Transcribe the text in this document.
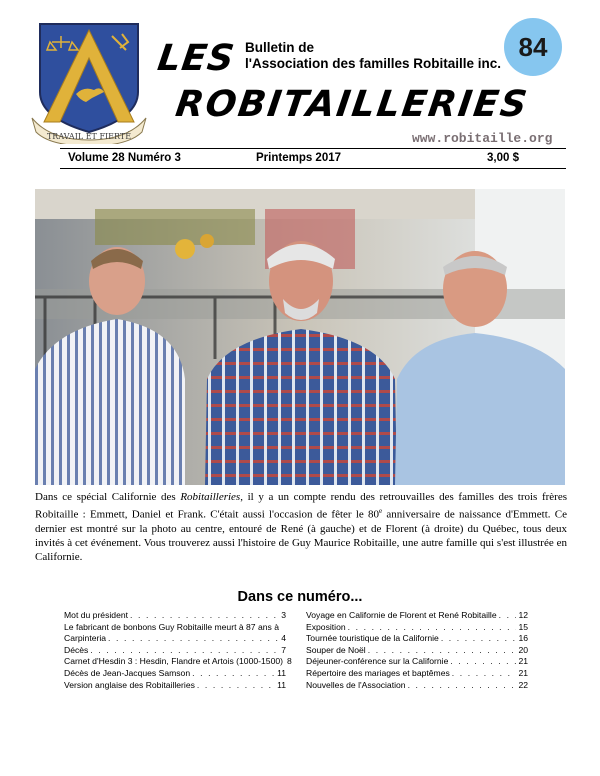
TRAVAIL ET FIERTÉ
LES Bulletin de
l'Association des familles Robitaille inc.
ROBITAILLERIES
84
www.robitaille.org
Volume 28 Numéro 3	Printemps 2017	3,00 $
Dans ce spécial Californie des Robitailleries, il y a un compte rendu des retrouvailles des familles des trois frères Robitaille : Emmett, Daniel et Frank. C'était aussi l'occasion de fêter le 80e anniversaire de naissance d'Emmett. Ce dernier est montré sur la photo au centre, entouré de René (à gauche) et de Florent (à droite) du Québec, tous deux invités à cet événement. Vous trouverez aussi l'histoire de Guy Maurice Robitaille, une autre famille qui s'est illustrée en Californie.
Dans ce numéro...
Mot du président . . .	3
Le fabricant de bonbons Guy Robitaille meurt à 87 ans à
Carpinteria . . .	4
Décès . . .	7
Carnet d'Hesdin 3 : Hesdin, Flandre et Artois (1000-1500) 8
Décès de Jean-Jacques Samson . . .	11
Version anglaise des Robitailleries . . .	11
Voyage en Californie de Florent et René Robitaille . . .	12
Exposition . . .	15
Tournée touristique de la Californie . . .	16
Souper de Noël . . .	20
Déjeuner-conférence sur la Californie . . .	21
Répertoire des mariages et baptêmes . . .	21
Nouvelles de l'Association . . .	22
